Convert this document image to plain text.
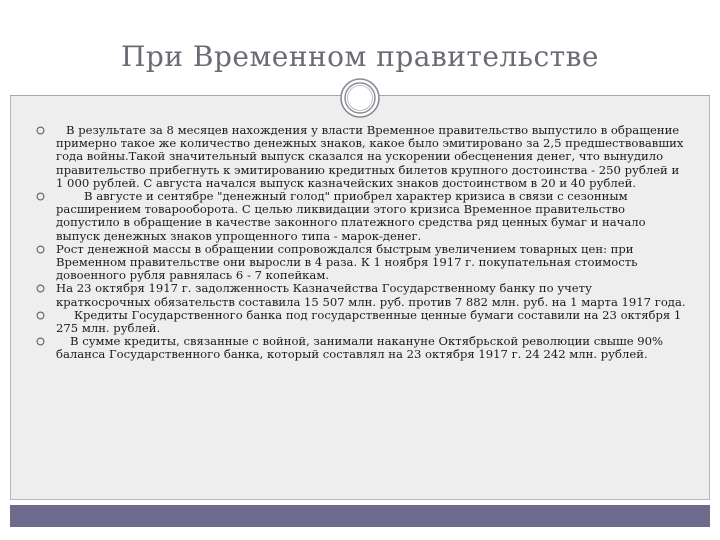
При Временном правительстве
В результате за 8 месяцев нахождения у власти Временное правительство выпустило в обращение примерно такое же количество денежных знаков, какое было эмитировано за 2,5 предшествовавших года войны.Такой значительный выпуск сказался на ускорении обесценения денег, что вынудило правительство прибегнуть к эмитированию кредитных билетов крупного достоинства - 250 рублей и 1 000 рублей. С августа начался выпуск казначейских знаков достоинством в 20 и 40 рублей.
В августе и сентябре "денежный голод" приобрел характер кризиса в связи с сезонным расширением товарооборота. С целью ликвидации этого кризиса Временное правительство допустило в обращение в качестве законного платежного средства ряд ценных бумаг и начало выпуск денежных знаков упрощенного типа - марок-денег.
Рост денежной массы в обращении сопровождался быстрым увеличением товарных цен: при Временном правительстве они выросли в 4 раза. К 1 ноября 1917 г. покупательная стоимость довоенного рубля равнялась 6 - 7 копейкам.
На 23 октября 1917 г. задолженность Казначейства Государственному банку по учету краткосрочных обязательств составила 15 507 млн. руб. против 7 882 млн. руб. на 1 марта 1917 года.
Кредиты Государственного банка под государственные ценные бумаги составили на 23 октября 1 275 млн. рублей.
В сумме кредиты, связанные с войной, занимали накануне Октябрьской революции свыше 90% баланса Государственного банка, который составлял на 23 октября 1917 г. 24 242 млн. рублей.
